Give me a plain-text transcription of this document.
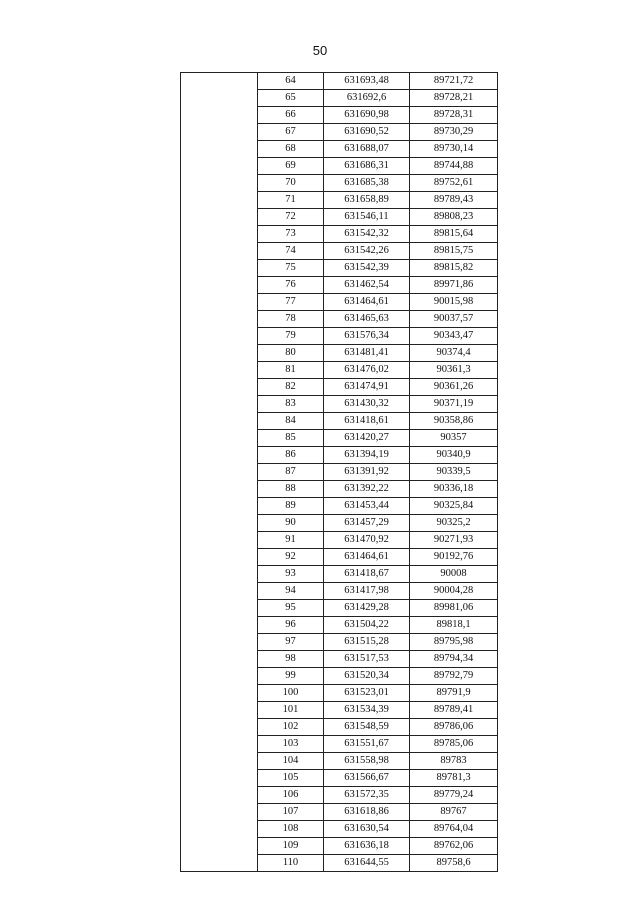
50
	64	631693,48	89721,72
	65	631692,6	89728,21
	66	631690,98	89728,31
	67	631690,52	89730,29
	68	631688,07	89730,14
	69	631686,31	89744,88
	70	631685,38	89752,61
	71	631658,89	89789,43
	72	631546,11	89808,23
	73	631542,32	89815,64
	74	631542,26	89815,75
	75	631542,39	89815,82
	76	631462,54	89971,86
	77	631464,61	90015,98
	78	631465,63	90037,57
	79	631576,34	90343,47
	80	631481,41	90374,4
	81	631476,02	90361,3
	82	631474,91	90361,26
	83	631430,32	90371,19
	84	631418,61	90358,86
	85	631420,27	90357
	86	631394,19	90340,9
	87	631391,92	90339,5
	88	631392,22	90336,18
	89	631453,44	90325,84
	90	631457,29	90325,2
	91	631470,92	90271,93
	92	631464,61	90192,76
	93	631418,67	90008
	94	631417,98	90004,28
	95	631429,28	89981,06
	96	631504,22	89818,1
	97	631515,28	89795,98
	98	631517,53	89794,34
	99	631520,34	89792,79
	100	631523,01	89791,9
	101	631534,39	89789,41
	102	631548,59	89786,06
	103	631551,67	89785,06
	104	631558,98	89783
	105	631566,67	89781,3
	106	631572,35	89779,24
	107	631618,86	89767
	108	631630,54	89764,04
	109	631636,18	89762,06
	110	631644,55	89758,6
